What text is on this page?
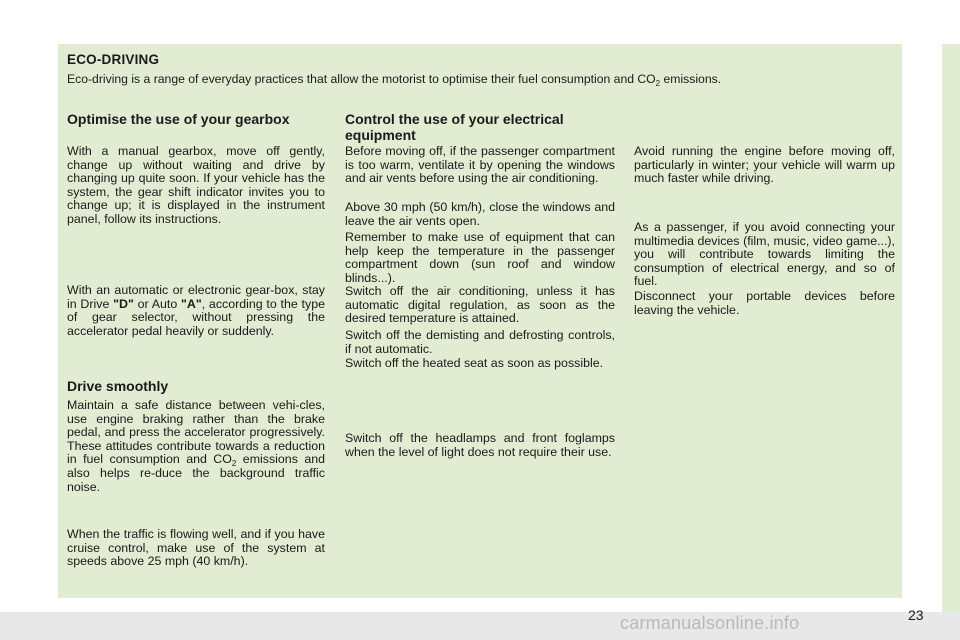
ECO-DRIVING
Eco-driving is a range of everyday practices that allow the motorist to optimise their fuel consumption and $CO_2$ emissions.
Optimise the use of your gearbox

With a manual gearbox, move off gently, change up without waiting and drive by changing up quite soon. If your vehicle has the system, the gear shift indicator invites you to change up; it is displayed in the instrument panel, follow its instructions.

With an automatic or electronic gear-box, stay in Drive "D" or Auto "A", according to the type of gear selector, without pressing the accelerator pedal heavily or suddenly.

Drive smoothly

Maintain a safe distance between vehi-cles, use engine braking rather than the brake pedal, and press the accelerator progressively. These attitudes contribute towards a reduction in fuel consumption and $CO_2$ emissions and also helps re-duce the background traffic noise.

When the traffic is flowing well, and if you have cruise control, make use of the system at speeds above 25 mph (40 km/h).

Control the use of your electrical equipment

Before moving off, if the passenger compartment is too warm, ventilate it by opening the windows and air vents before using the air conditioning.

Above 30 mph (50 km/h), close the windows and leave the air vents open.

Remember to make use of equipment that can help keep the temperature in the passenger compartment down (sun roof and window blinds...).

Switch off the air conditioning, unless it has automatic digital regulation, as soon as the desired temperature is attained.

Switch off the demisting and defrosting controls, if not automatic.

Switch off the heated seat as soon as possible.

Switch off the headlamps and front foglamps when the level of light does not require their use.

Avoid running the engine before moving off, particularly in winter; your vehicle will warm up much faster while driving.

As a passenger, if you avoid connecting your multimedia devices (film, music, video game...), you will contribute towards limiting the consumption of electrical energy, and so of fuel.

Disconnect your portable devices before leaving the vehicle.

23
carmanualsonline.info
